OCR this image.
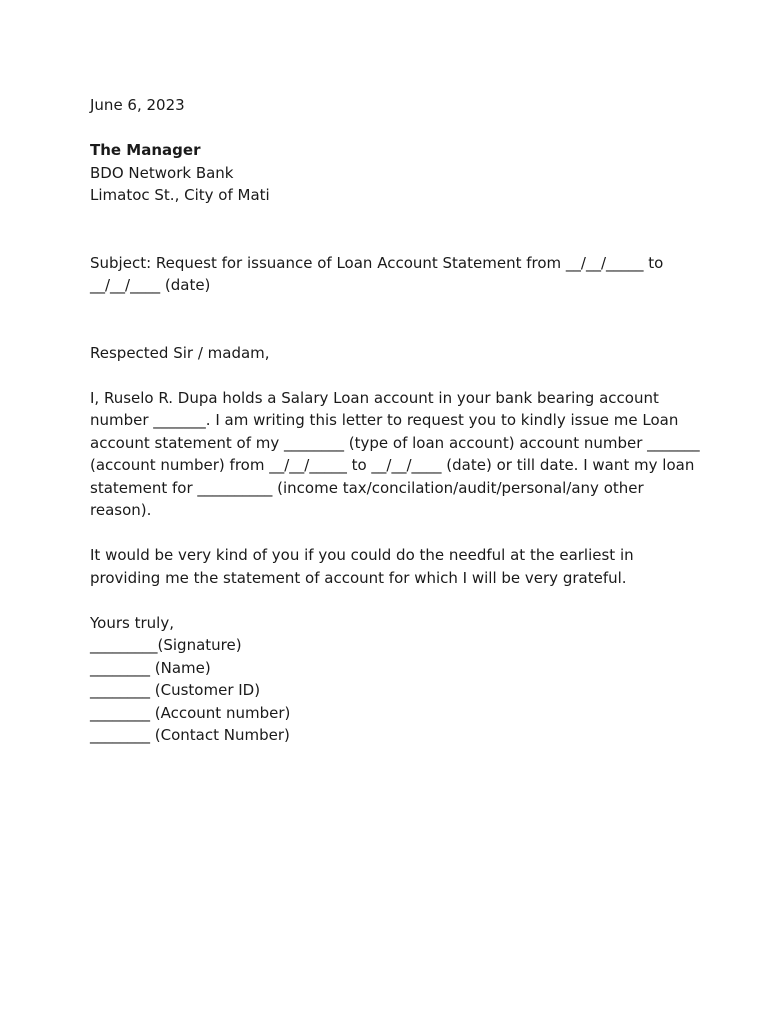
June 6, 2023
The Manager
BDO Network Bank
Limatoc St., City of Mati
Subject: Request for issuance of Loan Account Statement from __/__/_____ to
__/__/____ (date)
Respected Sir / madam,
I, Ruselo R. Dupa holds a Salary Loan account in your bank bearing account
number _______. I am writing this letter to request you to kindly issue me Loan
account statement of my ________ (type of loan account) account number _______
(account number) from __/__/_____ to __/__/____ (date) or till date. I want my loan
statement for __________ (income tax/concilation/audit/personal/any other
reason).
It would be very kind of you if you could do the needful at the earliest in
providing me the statement of account for which I will be very grateful.
Yours truly,
_________(Signature)
________ (Name)
________ (Customer ID)
________ (Account number)
________ (Contact Number)
